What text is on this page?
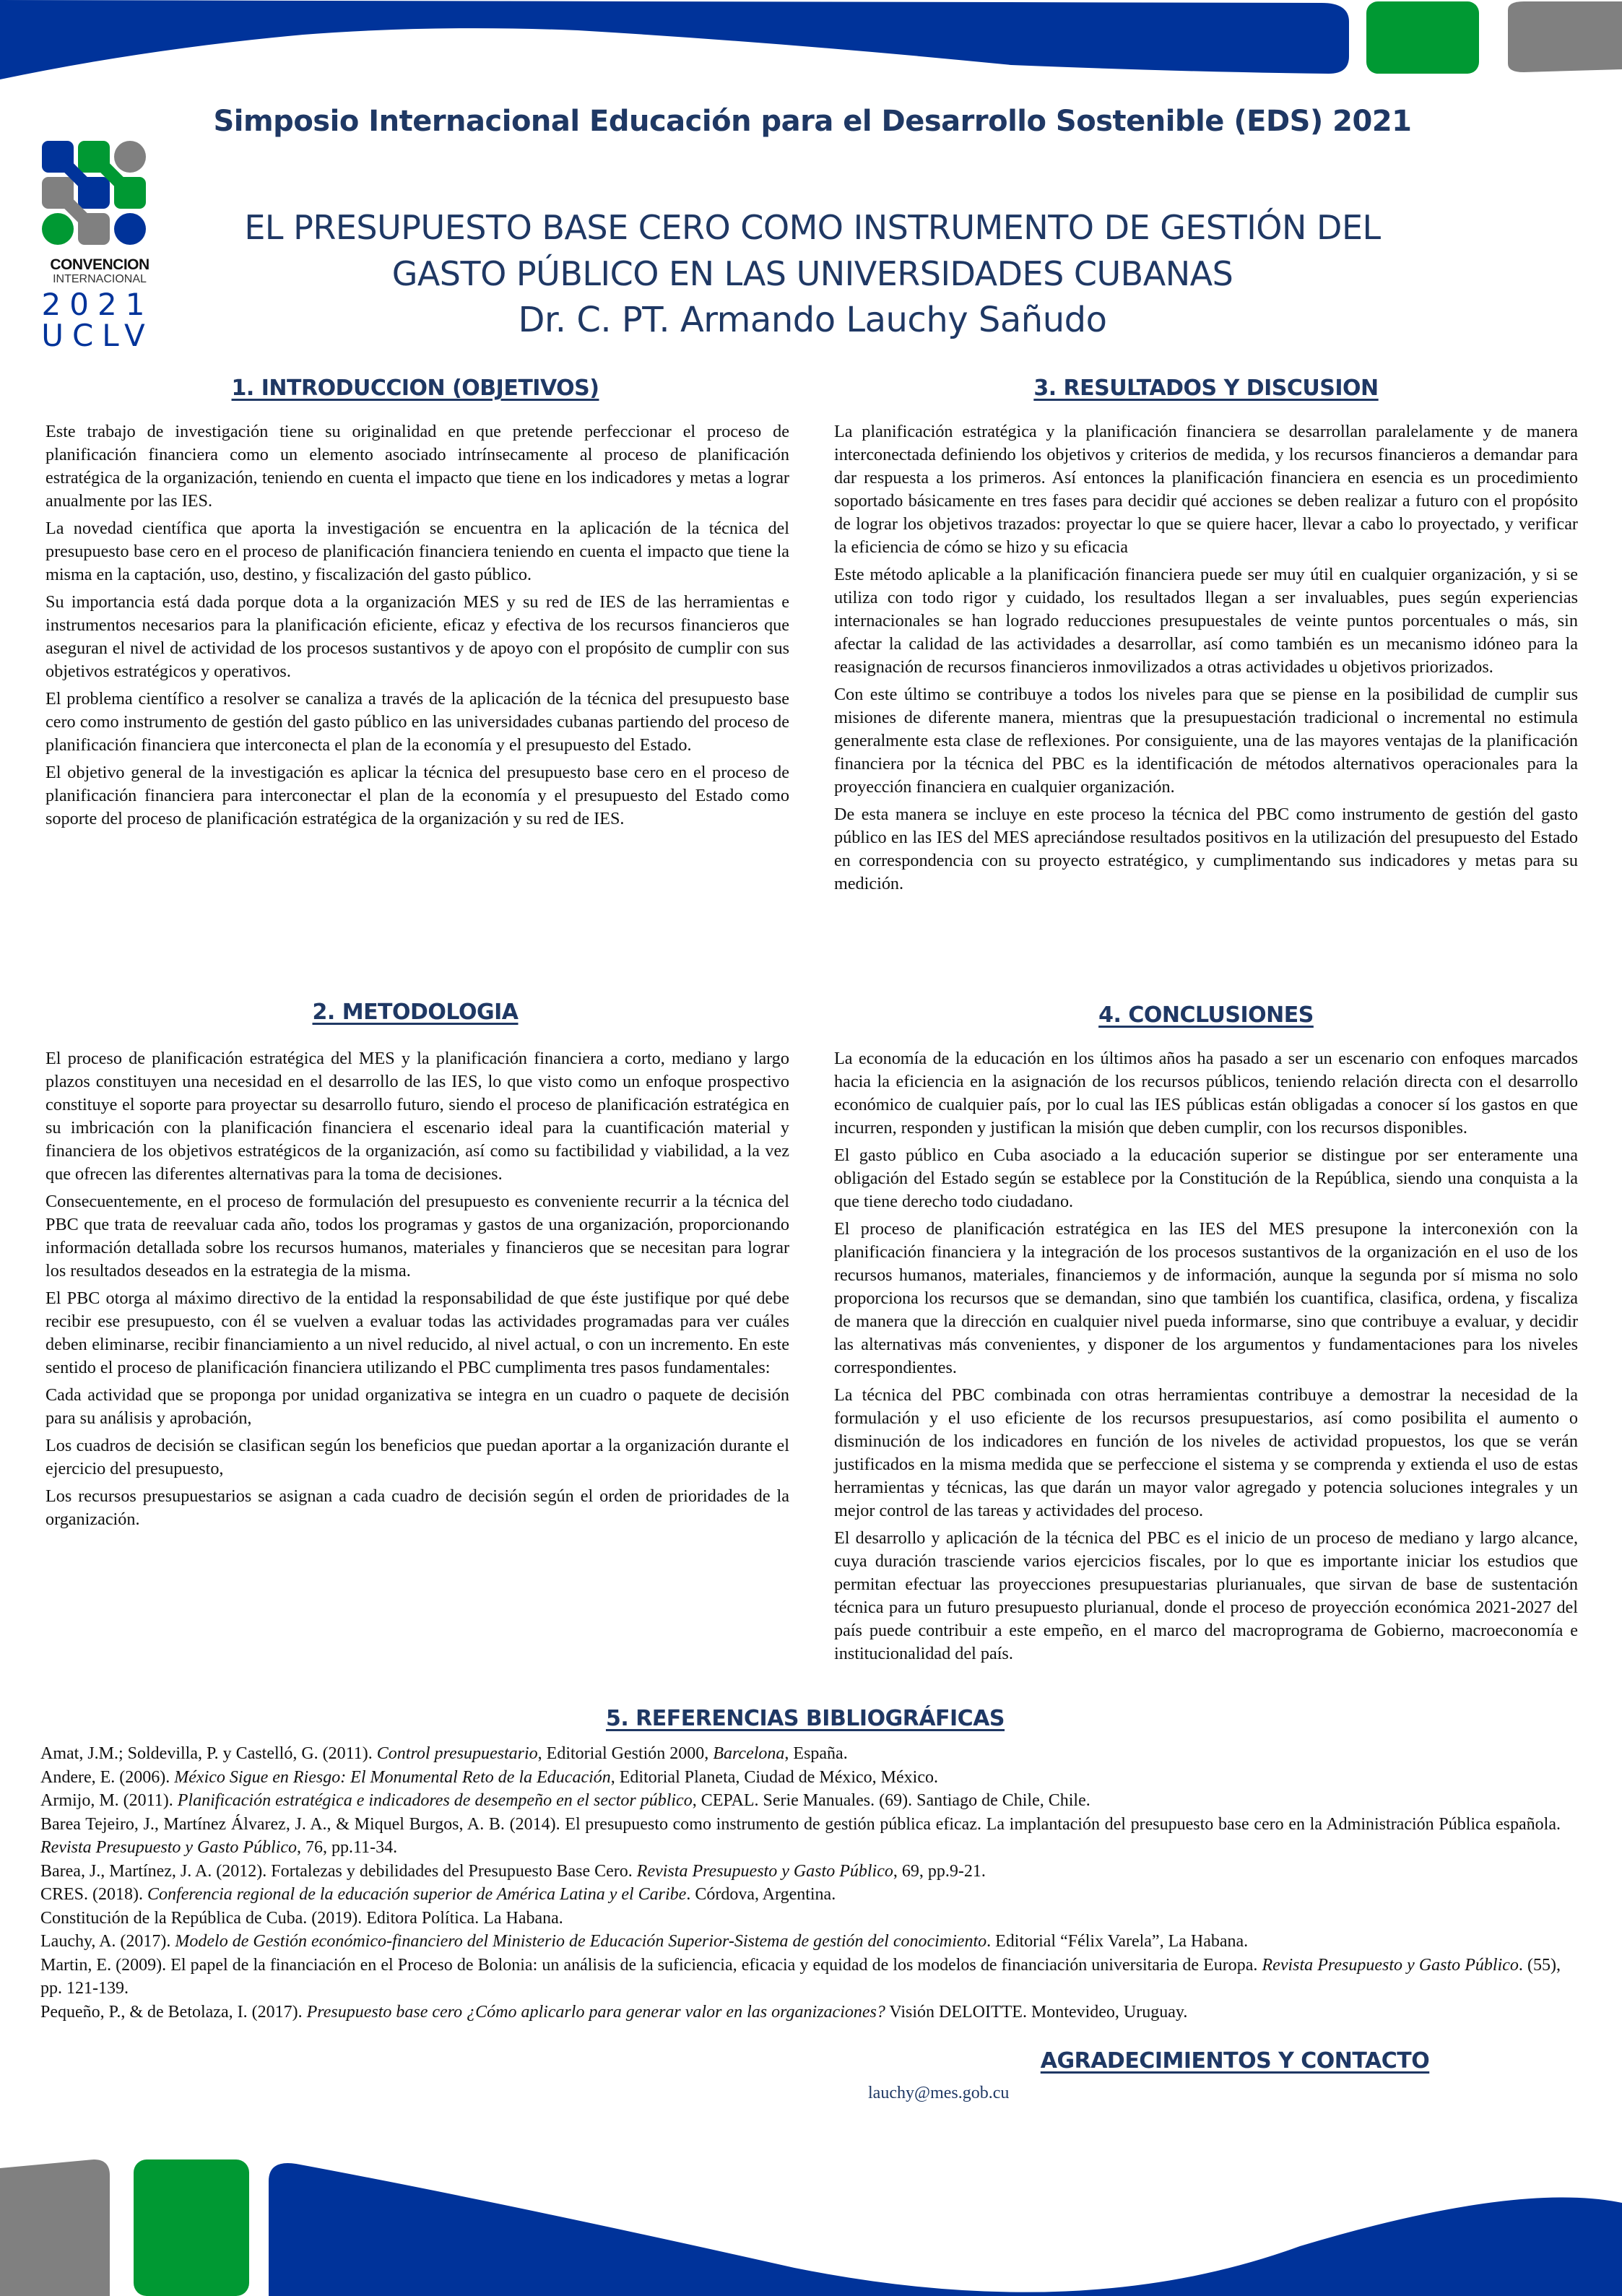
CONVENCION
INTERNACIONAL
2021
UCLV
Simposio Internacional Educación para el Desarrollo Sostenible (EDS) 2021
EL PRESUPUESTO BASE CERO COMO INSTRUMENTO DE GESTIÓN DEL
GASTO PÚBLICO EN LAS UNIVERSIDADES CUBANAS
Dr. C. PT. Armando Lauchy Sañudo
1. INTRODUCCION (OBJETIVOS)

Este trabajo de investigación tiene su originalidad en que pretende perfeccionar el proceso de planificación financiera como un elemento asociado intrínsecamente al proceso de planificación estratégica de la organización, teniendo en cuenta el impacto que tiene en los indicadores y metas a lograr anualmente por las IES.

La novedad científica que aporta la investigación se encuentra en la aplicación de la técnica del presupuesto base cero en el proceso de planificación financiera teniendo en cuenta el impacto que tiene la misma en la captación, uso, destino, y fiscalización del gasto público.

Su importancia está dada porque dota a la organización MES y su red de IES de las herramientas e instrumentos necesarios para la planificación eficiente, eficaz y efectiva de los recursos financieros que aseguran el nivel de actividad de los procesos sustantivos y de apoyo con el propósito de cumplir con sus objetivos estratégicos y operativos.

El problema científico a resolver se canaliza a través de la aplicación de la técnica del presupuesto base cero como instrumento de gestión del gasto público en las universidades cubanas partiendo del proceso de planificación financiera que interconecta el plan de la economía y el presupuesto del Estado.

El objetivo general de la investigación es aplicar la técnica del presupuesto base cero en el proceso de planificación financiera para interconectar el plan de la economía y el presupuesto del Estado como soporte del proceso de planificación estratégica de la organización y su red de IES.

3. RESULTADOS Y DISCUSION

La planificación estratégica y la planificación financiera se desarrollan paralelamente y de manera interconectada definiendo los objetivos y criterios de medida, y los recursos financieros a demandar para dar respuesta a los primeros. Así entonces la planificación financiera en esencia es un procedimiento soportado básicamente en tres fases para decidir qué acciones se deben realizar a futuro con el propósito de lograr los objetivos trazados: proyectar lo que se quiere hacer, llevar a cabo lo proyectado, y verificar la eficiencia de cómo se hizo y su eficacia

Este método aplicable a la planificación financiera puede ser muy útil en cualquier organización, y si se utiliza con todo rigor y cuidado, los resultados llegan a ser invaluables, pues según experiencias internacionales se han logrado reducciones presupuestales de veinte puntos porcentuales o más, sin afectar la calidad de las actividades a desarrollar, así como también es un mecanismo idóneo para la reasignación de recursos financieros inmovilizados a otras actividades u objetivos priorizados.

Con este último se contribuye a todos los niveles para que se piense en la posibilidad de cumplir sus misiones de diferente manera, mientras que la presupuestación tradicional o incremental no estimula generalmente esta clase de reflexiones. Por consiguiente, una de las mayores ventajas de la planificación financiera por la técnica del PBC es la identificación de métodos alternativos operacionales para la proyección financiera en cualquier organización.

De esta manera se incluye en este proceso la técnica del PBC como instrumento de gestión del gasto público en las IES del MES apreciándose resultados positivos en la utilización del presupuesto del Estado en correspondencia con su proyecto estratégico, y cumplimentando sus indicadores y metas para su medición.

2. METODOLOGIA

El proceso de planificación estratégica del MES y la planificación financiera a corto, mediano y largo plazos constituyen una necesidad en el desarrollo de las IES, lo que visto como un enfoque prospectivo constituye el soporte para proyectar su desarrollo futuro, siendo el proceso de planificación estratégica en su imbricación con la planificación financiera el escenario ideal para la cuantificación material y financiera de los objetivos estratégicos de la organización, así como su factibilidad y viabilidad, a la vez que ofrecen las diferentes alternativas para la toma de decisiones.

Consecuentemente, en el proceso de formulación del presupuesto es conveniente recurrir a la técnica del PBC que trata de reevaluar cada año, todos los programas y gastos de una organización, proporcionando información detallada sobre los recursos humanos, materiales y financieros que se necesitan para lograr los resultados deseados en la estrategia de la misma.

El PBC otorga al máximo directivo de la entidad la responsabilidad de que éste justifique por qué debe recibir ese presupuesto, con él se vuelven a evaluar todas las actividades programadas para ver cuáles deben eliminarse, recibir financiamiento a un nivel reducido, al nivel actual, o con un incremento. En este sentido el proceso de planificación financiera utilizando el PBC cumplimenta tres pasos fundamentales:

Cada actividad que se proponga por unidad organizativa se integra en un cuadro o paquete de decisión para su análisis y aprobación,

Los cuadros de decisión se clasifican según los beneficios que puedan aportar a la organización durante el ejercicio del presupuesto,

Los recursos presupuestarios se asignan a cada cuadro de decisión según el orden de prioridades de la organización.

4. CONCLUSIONES

La economía de la educación en los últimos años ha pasado a ser un escenario con enfoques marcados hacia la eficiencia en la asignación de los recursos públicos, teniendo relación directa con el desarrollo económico de cualquier país, por lo cual las IES públicas están obligadas a conocer sí los gastos en que incurren, responden y justifican la misión que deben cumplir, con los recursos disponibles.

El gasto público en Cuba asociado a la educación superior se distingue por ser enteramente una obligación del Estado según se establece por la Constitución de la República, siendo una conquista a la que tiene derecho todo ciudadano.

El proceso de planificación estratégica en las IES del MES presupone la interconexión con la planificación financiera y la integración de los procesos sustantivos de la organización en el uso de los recursos humanos, materiales, financiemos y de información, aunque la segunda por sí misma no solo proporciona los recursos que se demandan, sino que también los cuantifica, clasifica, ordena, y fiscaliza de manera que la dirección en cualquier nivel pueda informarse, sino que contribuye a evaluar, y decidir las alternativas más convenientes, y disponer de los argumentos y fundamentaciones para los niveles correspondientes.

La técnica del PBC combinada con otras herramientas contribuye a demostrar la necesidad de la formulación y el uso eficiente de los recursos presupuestarios, así como posibilita el aumento o disminución de los indicadores en función de los niveles de actividad propuestos, los que se verán justificados en la misma medida que se perfeccione el sistema y se comprenda y extienda el uso de estas herramientas y técnicas, las que darán un mayor valor agregado y potencia soluciones integrales y un mejor control de las tareas y actividades del proceso.

El desarrollo y aplicación de la técnica del PBC es el inicio de un proceso de mediano y largo alcance, cuya duración trasciende varios ejercicios fiscales, por lo que es importante iniciar los estudios que permitan efectuar las proyecciones presupuestarias plurianuales, que sirvan de base de sustentación técnica para un futuro presupuesto plurianual, donde el proceso de proyección económica 2021-2027 del país puede contribuir a este empeño, en el marco del macroprograma de Gobierno, macroeconomía e institucionalidad del país.

5. REFERENCIAS BIBLIOGRÁFICAS

Amat, J.M.; Soldevilla, P. y Castelló, G. (2011). Control presupuestario, Editorial Gestión 2000, Barcelona, España.

Andere, E. (2006). México Sigue en Riesgo: El Monumental Reto de la Educación, Editorial Planeta, Ciudad de México, México.

Armijo, M. (2011). Planificación estratégica e indicadores de desempeño en el sector público, CEPAL. Serie Manuales. (69). Santiago de Chile, Chile.

Barea Tejeiro, J., Martínez Álvarez, J. A., & Miquel Burgos, A. B. (2014). El presupuesto como instrumento de gestión pública eficaz. La implantación del presupuesto base cero en la Administración Pública española. Revista Presupuesto y Gasto Público, 76, pp.11-34.

Barea, J., Martínez, J. A. (2012). Fortalezas y debilidades del Presupuesto Base Cero. Revista Presupuesto y Gasto Público, 69, pp.9-21.

CRES. (2018). Conferencia regional de la educación superior de América Latina y el Caribe. Córdova, Argentina.

Constitución de la República de Cuba. (2019). Editora Política. La Habana.

Lauchy, A. (2017). Modelo de Gestión económico-financiero del Ministerio de Educación Superior-Sistema de gestión del conocimiento. Editorial “Félix Varela”, La Habana.

Martin, E. (2009). El papel de la financiación en el Proceso de Bolonia: un análisis de la suficiencia, eficacia y equidad de los modelos de financiación universitaria de Europa. Revista Presupuesto y Gasto Público. (55), pp. 121-139.

Pequeño, P., & de Betolaza, I. (2017). Presupuesto base cero ¿Cómo aplicarlo para generar valor en las organizaciones? Visión DELOITTE. Montevideo, Uruguay.

AGRADECIMIENTOS Y CONTACTO
lauchy@mes.gob.cu
